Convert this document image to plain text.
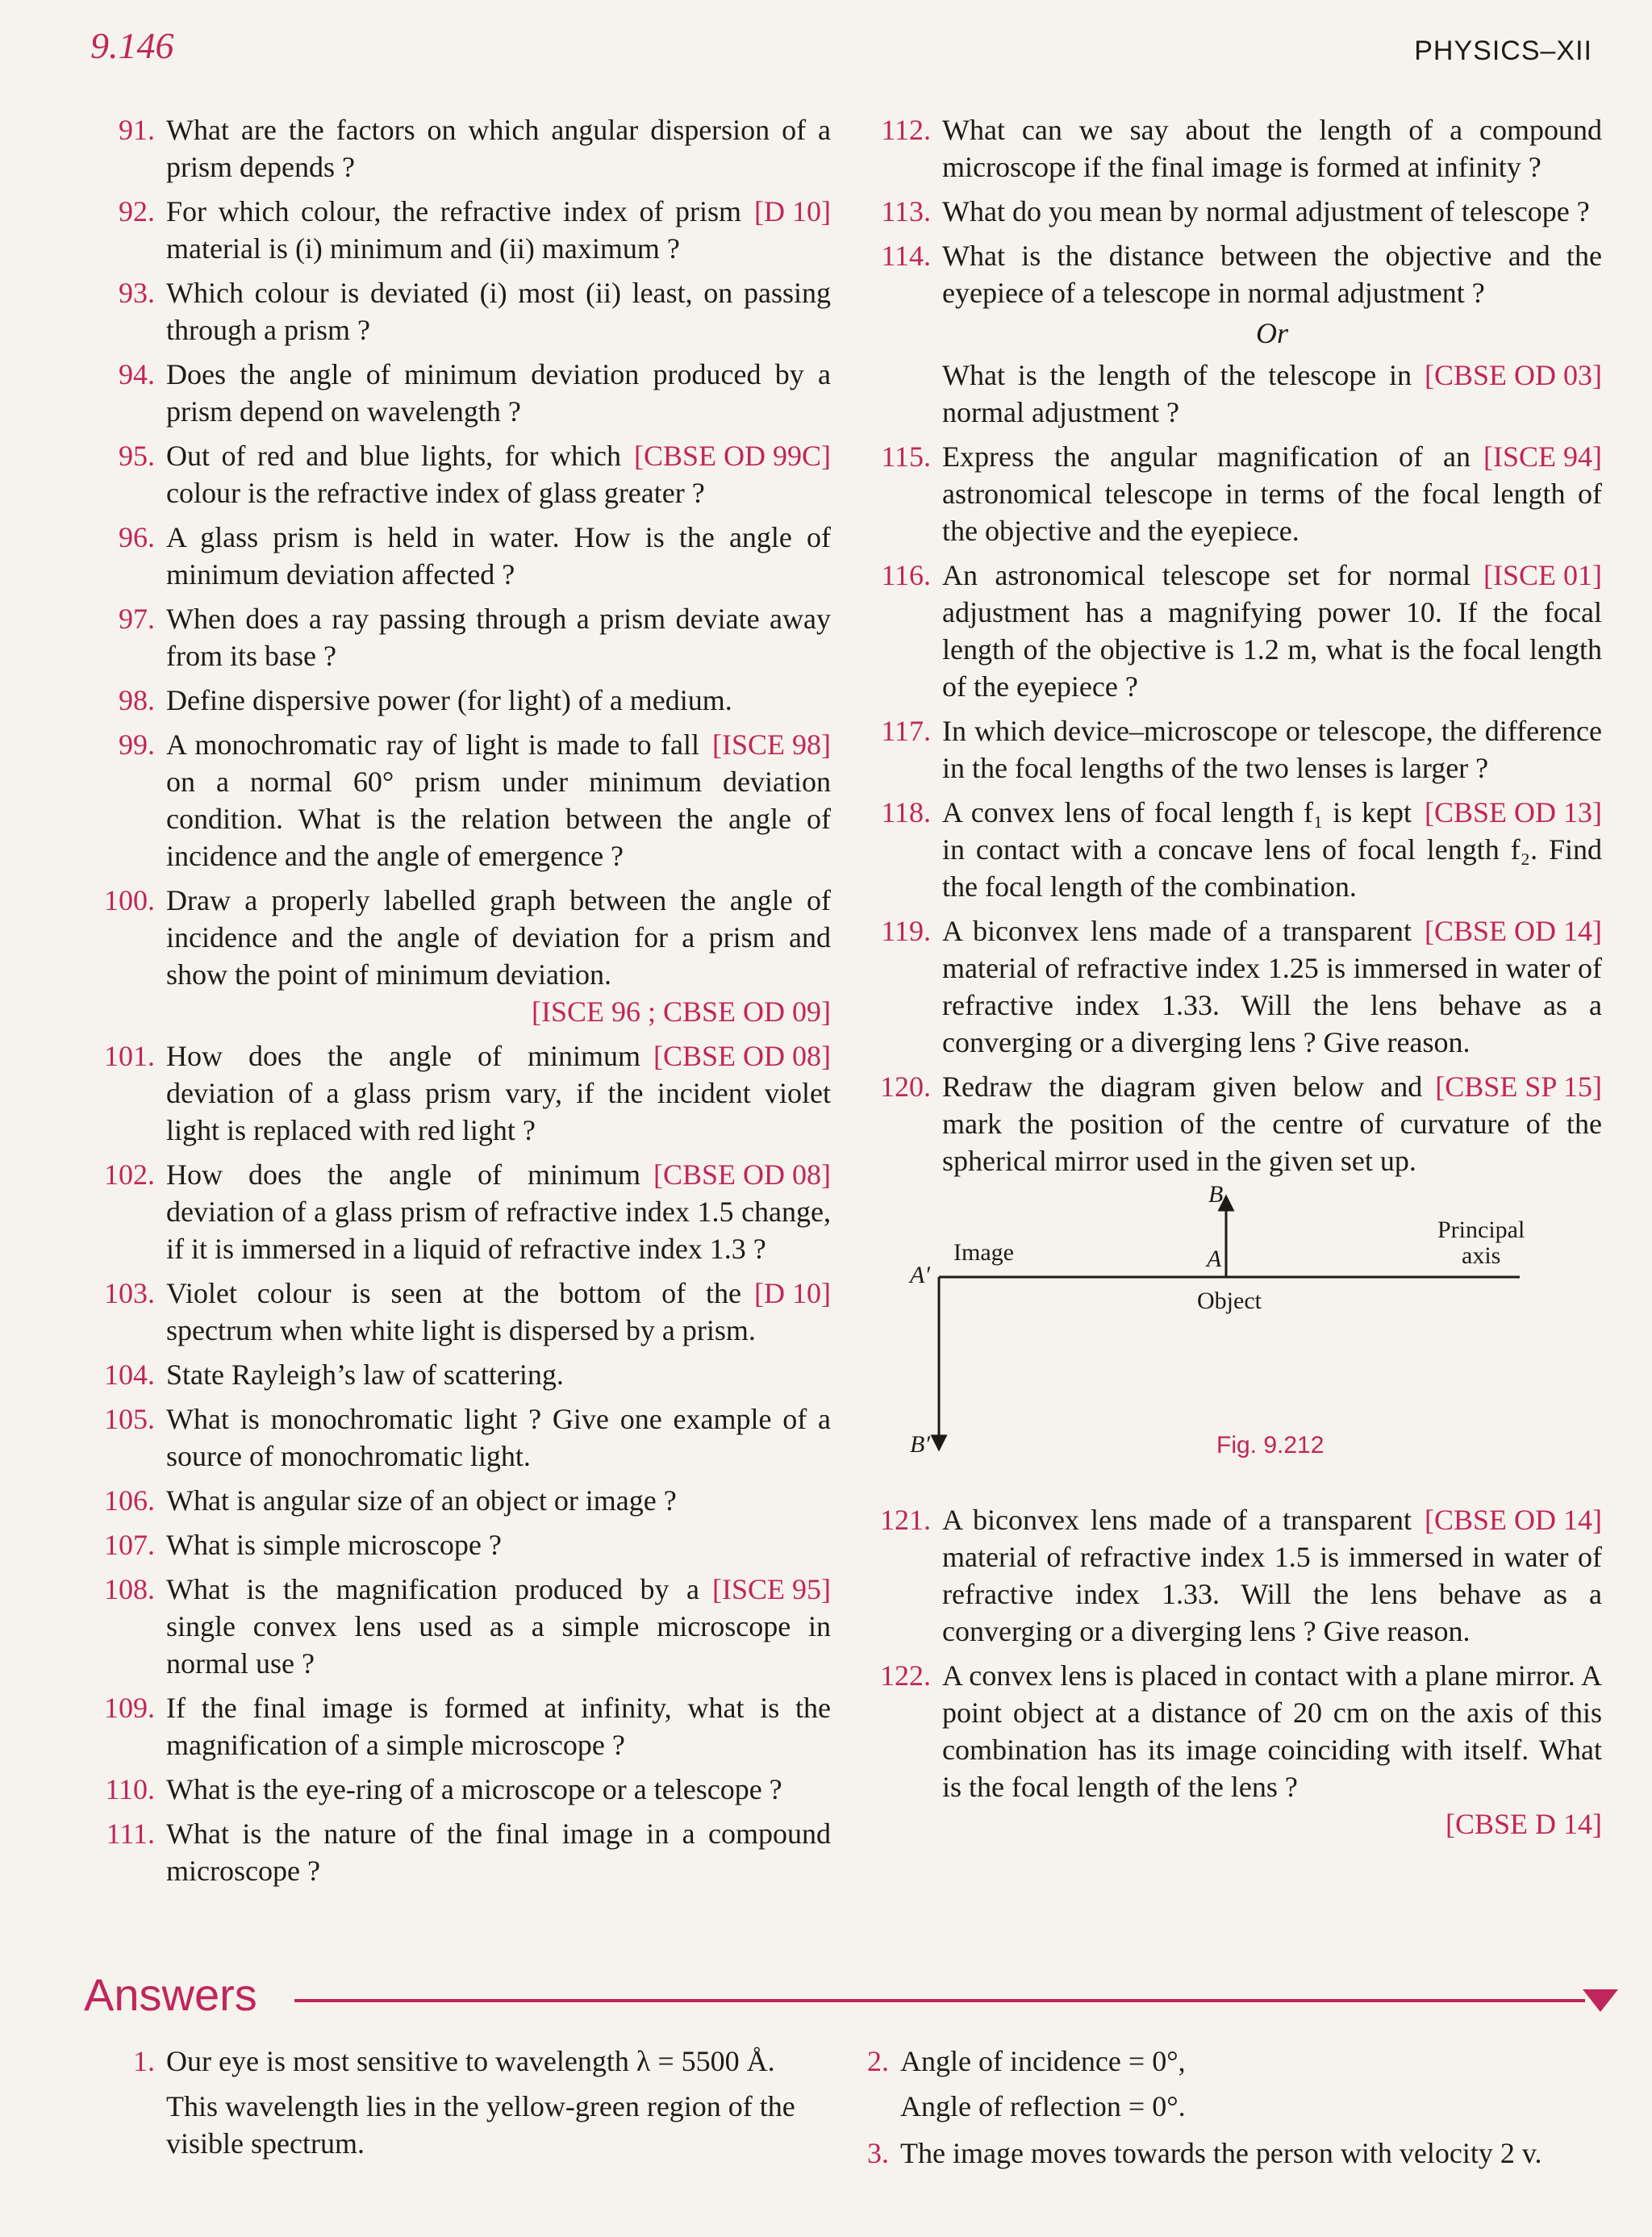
9.146	PHYSICS–XII
91. What are the factors on which angular dispersion of a prism depends ?
92.	[D 10]
For which colour, the refractive index of prism material is (i) minimum and (ii) maximum ?
93. Which colour is deviated (i) most (ii) least, on passing through a prism ?
94. Does the angle of minimum deviation produced by a prism depend on wavelength ?
95.	[CBSE OD 99C]
Out of red and blue lights, for which colour is the refractive index of glass greater ?
96. A glass prism is held in water. How is the angle of minimum deviation affected ?
97. When does a ray passing through a prism deviate away from its base ?
98. Define dispersive power (for light) of a medium.
99.	[ISCE 98]
A monochromatic ray of light is made to fall on a normal 60° prism under minimum deviation condition. What is the relation between the angle of incidence and the angle of emergence ?
100. Draw a properly labelled graph between the angle of incidence and the angle of deviation for a prism and show the point of minimum deviation.
[ISCE 96 ; CBSE OD 09]
101.	[CBSE OD 08]
How does the angle of minimum deviation of a glass prism vary, if the incident violet light is replaced with red light ?
102.	[CBSE OD 08]
How does the angle of minimum deviation of a glass prism of refractive index 1.5 change, if it is immersed in a liquid of refractive index 1.3 ?
103.	[D 10]
Violet colour is seen at the bottom of the spectrum when white light is dispersed by a prism.
104. State Rayleigh’s law of scattering.
105. What is monochromatic light ? Give one example of a source of monochromatic light.
106. What is angular size of an object or image ?
107. What is simple microscope ?
108.	[ISCE 95]
What is the magnification produced by a single convex lens used as a simple microscope in normal use ?
109. If the final image is formed at infinity, what is the magnification of a simple microscope ?
110. What is the eye-ring of a microscope or a telescope ?
111. What is the nature of the final image in a compound microscope ?
112. What can we say about the length of a compound microscope if the final image is formed at infinity ?
113. What do you mean by normal adjustment of telescope ?
114. What is the distance between the objective and the eyepiece of a telescope in normal adjustment ?
Or
[CBSE OD 03]
What is the length of the telescope in normal adjustment ?
115.	[ISCE 94]
Express the angular magnification of an astronomical telescope in terms of the focal length of the objective and the eyepiece.
116.	[ISCE 01]
An astronomical telescope set for normal adjustment has a magnifying power 10. If the focal length of the objective is 1.2 m, what is the focal length of the eyepiece ?
117. In which device–microscope or telescope, the difference in the focal lengths of the two lenses is larger ?
118.	[CBSE OD 13]
A convex lens of focal length f₁ is kept in contact with a concave lens of focal length f₂. Find the focal length of the combination.
119.	[CBSE OD 14]
A biconvex lens made of a transparent material of refractive index 1.25 is immersed in water of refractive index 1.33. Will the lens behave as a converging or a diverging lens ? Give reason.
120.	[CBSE SP 15]
Redraw the diagram given below and mark the position of the centre of curvature of the spherical mirror used in the given set up.
B
A
A′
B′
Image
Object
Principal
axis
Fig. 9.212
121.	[CBSE OD 14]
A biconvex lens made of a transparent material of refractive index 1.5 is immersed in water of refractive index 1.33. Will the lens behave as a converging or a diverging lens ? Give reason.
122. A convex lens is placed in contact with a plane mirror. A point object at a distance of 20 cm on the axis of this combination has its image coinciding with itself. What is the focal length of the lens ?
[CBSE D 14]
Answers
1. Our eye is most sensitive to wavelength λ = 5500 Å.

This wavelength lies in the yellow-green region of the visible spectrum.

2. Angle of incidence = 0°,

Angle of reflection = 0°.

3. The image moves towards the person with velocity 2 v.
